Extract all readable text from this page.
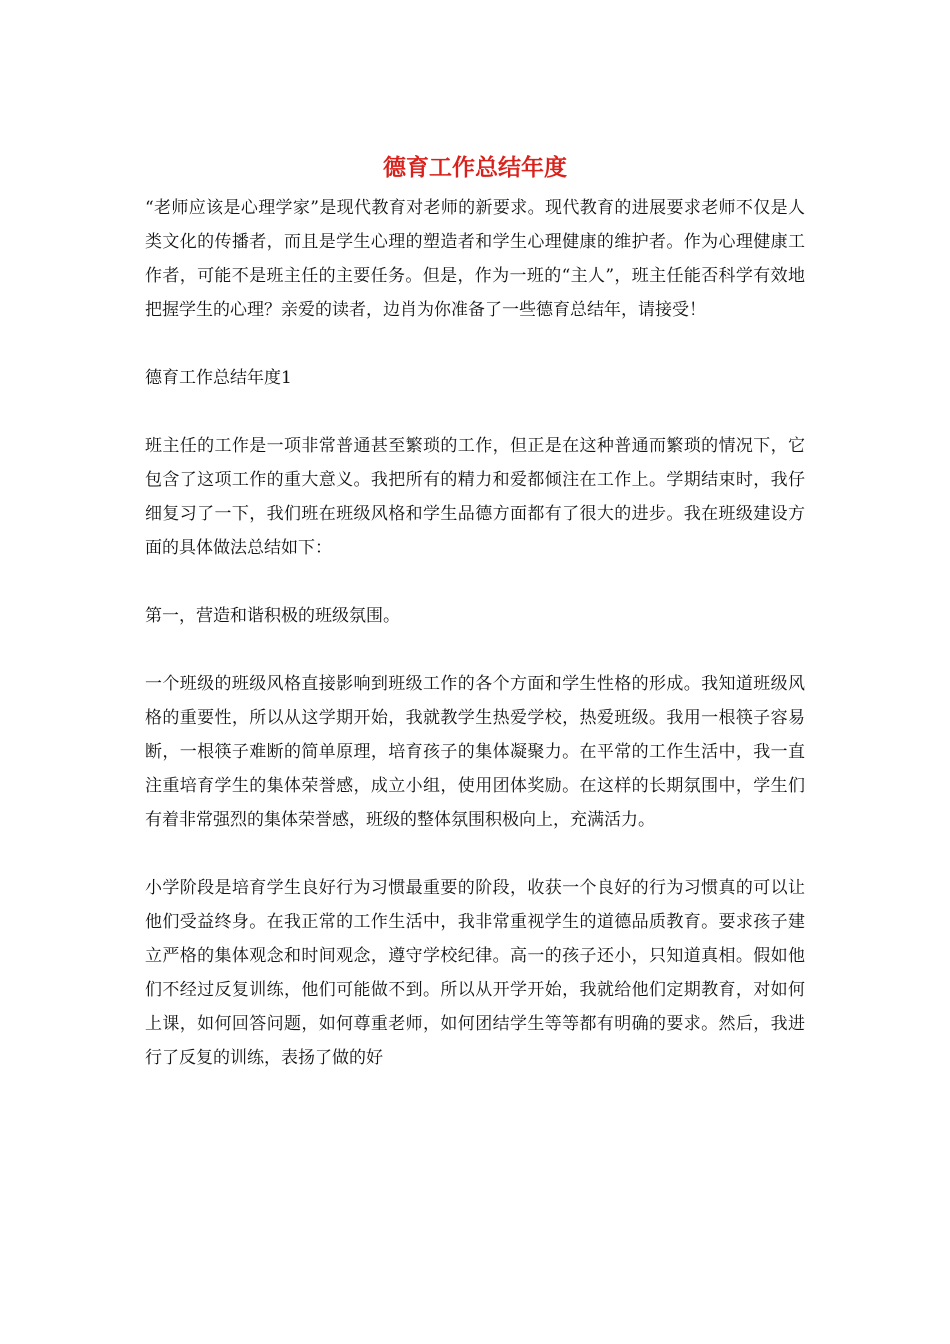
德育工作总结年度

“老师应该是心理学家”是现代教育对老师的新要求。现代教育的进展要求老师不仅是人类文化的传播者，而且是学生心理的塑造者和学生心理健康的维护者。作为心理健康工作者，可能不是班主任的主要任务。但是，作为一班的“主人”，班主任能否科学有效地把握学生的心理？亲爱的读者，边肖为你准备了一些德育总结年，请接受！

德育工作总结年度1

班主任的工作是一项非常普通甚至繁琐的工作，但正是在这种普通而繁琐的情况下，它包含了这项工作的重大意义。我把所有的精力和爱都倾注在工作上。学期结束时，我仔细复习了一下，我们班在班级风格和学生品德方面都有了很大的进步。我在班级建设方面的具体做法总结如下：

第一，营造和谐积极的班级氛围。

一个班级的班级风格直接影响到班级工作的各个方面和学生性格的形成。我知道班级风格的重要性，所以从这学期开始，我就教学生热爱学校，热爱班级。我用一根筷子容易断，一根筷子难断的简单原理，培育孩子的集体凝聚力。在平常的工作生活中，我一直注重培育学生的集体荣誉感，成立小组，使用团体奖励。在这样的长期氛围中，学生们有着非常强烈的集体荣誉感，班级的整体氛围积极向上，充满活力。

小学阶段是培育学生良好行为习惯最重要的阶段，收获一个良好的行为习惯真的可以让他们受益终身。在我正常的工作生活中，我非常重视学生的道德品质教育。要求孩子建立严格的集体观念和时间观念，遵守学校纪律。高一的孩子还小，只知道真相。假如他们不经过反复训练，他们可能做不到。所以从开学开始，我就给他们定期教育，对如何上课，如何回答问题，如何尊重老师，如何团结学生等等都有明确的要求。然后，我进行了反复的训练，表扬了做的好
